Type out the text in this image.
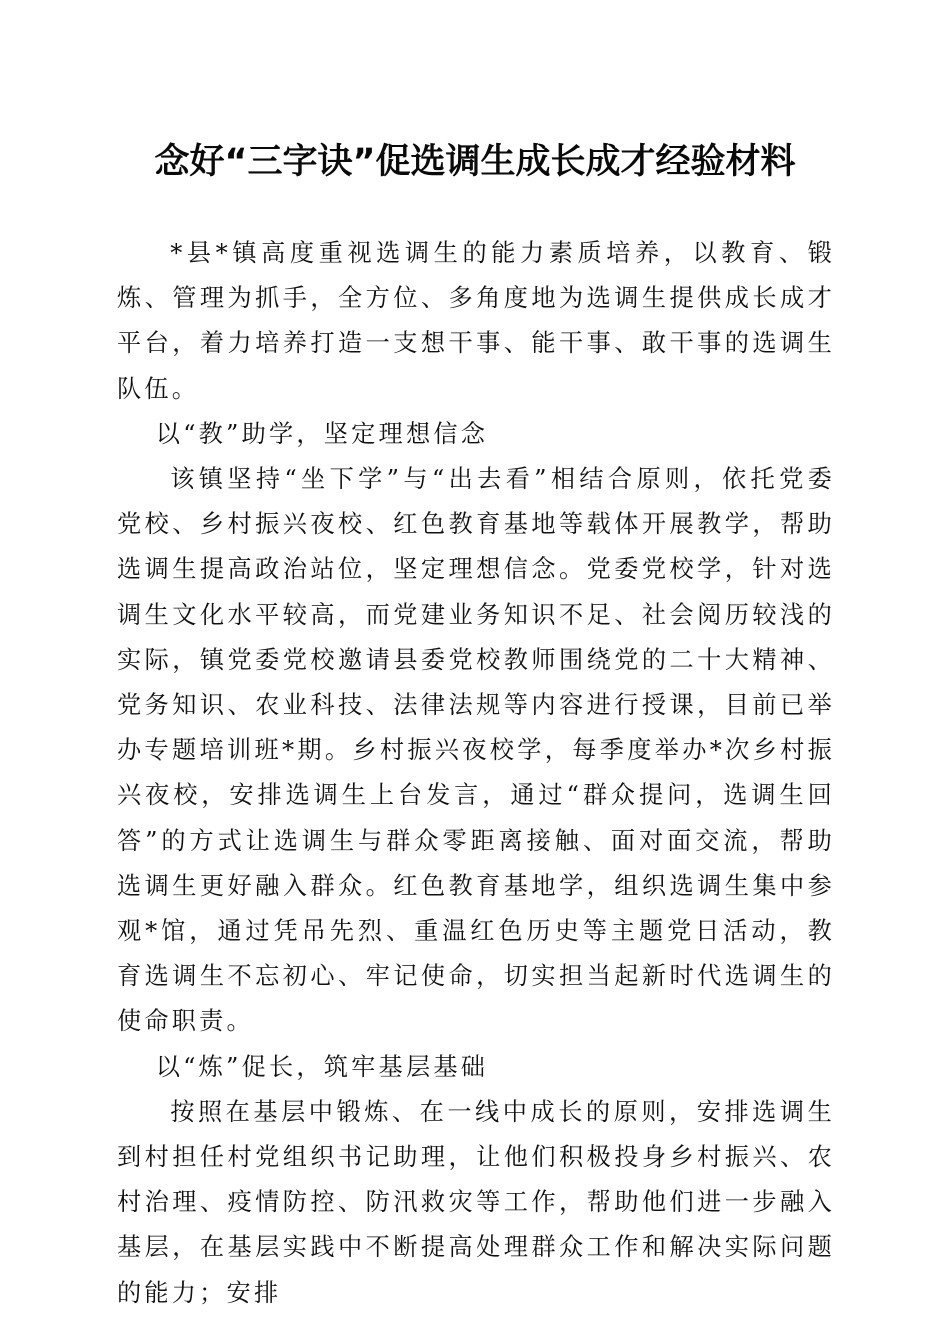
念好“三字诀”促选调生成长成才经验材料

*县*镇高度重视选调生的能力素质培养，以教育、锻炼、管理为抓手，全方位、多角度地为选调生提供成长成才平台，着力培养打造一支想干事、能干事、敢干事的选调生队伍。

以“教”助学，坚定理想信念

该镇坚持“坐下学”与“出去看”相结合原则，依托党委党校、乡村振兴夜校、红色教育基地等载体开展教学，帮助选调生提高政治站位，坚定理想信念。党委党校学，针对选调生文化水平较高，而党建业务知识不足、社会阅历较浅的实际，镇党委党校邀请县委党校教师围绕党的二十大精神、党务知识、农业科技、法律法规等内容进行授课，目前已举办专题培训班*期。乡村振兴夜校学，每季度举办*次乡村振兴夜校，安排选调生上台发言，通过“群众提问，选调生回答”的方式让选调生与群众零距离接触、面对面交流，帮助选调生更好融入群众。红色教育基地学，组织选调生集中参观*馆，通过凭吊先烈、重温红色历史等主题党日活动，教育选调生不忘初心、牢记使命，切实担当起新时代选调生的使命职责。

以“炼”促长，筑牢基层基础

按照在基层中锻炼、在一线中成长的原则，安排选调生到村担任村党组织书记助理，让他们积极投身乡村振兴、农村治理、疫情防控、防汛救灾等工作，帮助他们进一步融入基层，在基层实践中不断提高处理群众工作和解决实际问题的能力；安排
